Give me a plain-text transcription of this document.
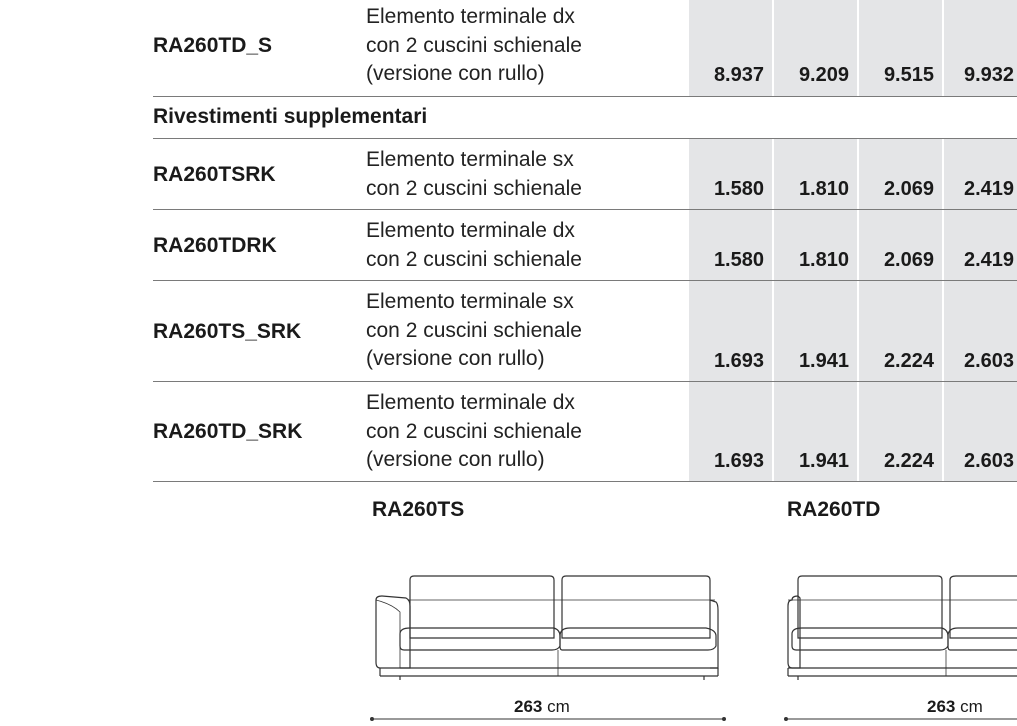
RA260TD_S
Elemento terminale dx
con 2 cuscini schienale
(versione con rullo)	8.937 9.209 9.515 9.932
Rivestimenti supplementari
RA260TSRK
Elemento terminale sx
con 2 cuscini schienale	1.580 1.810 2.069 2.419
RA260TDRK
Elemento terminale dx
con 2 cuscini schienale	1.580 1.810 2.069 2.419
RA260TS_SRK
Elemento terminale sx
con 2 cuscini schienale
(versione con rullo)	1.693 1.941 2.224 2.603
RA260TD_SRK
Elemento terminale dx
con 2 cuscini schienale
(versione con rullo)	1.693 1.941 2.224 2.603
RA260TS	RA260TD
263 cm	263 cm
